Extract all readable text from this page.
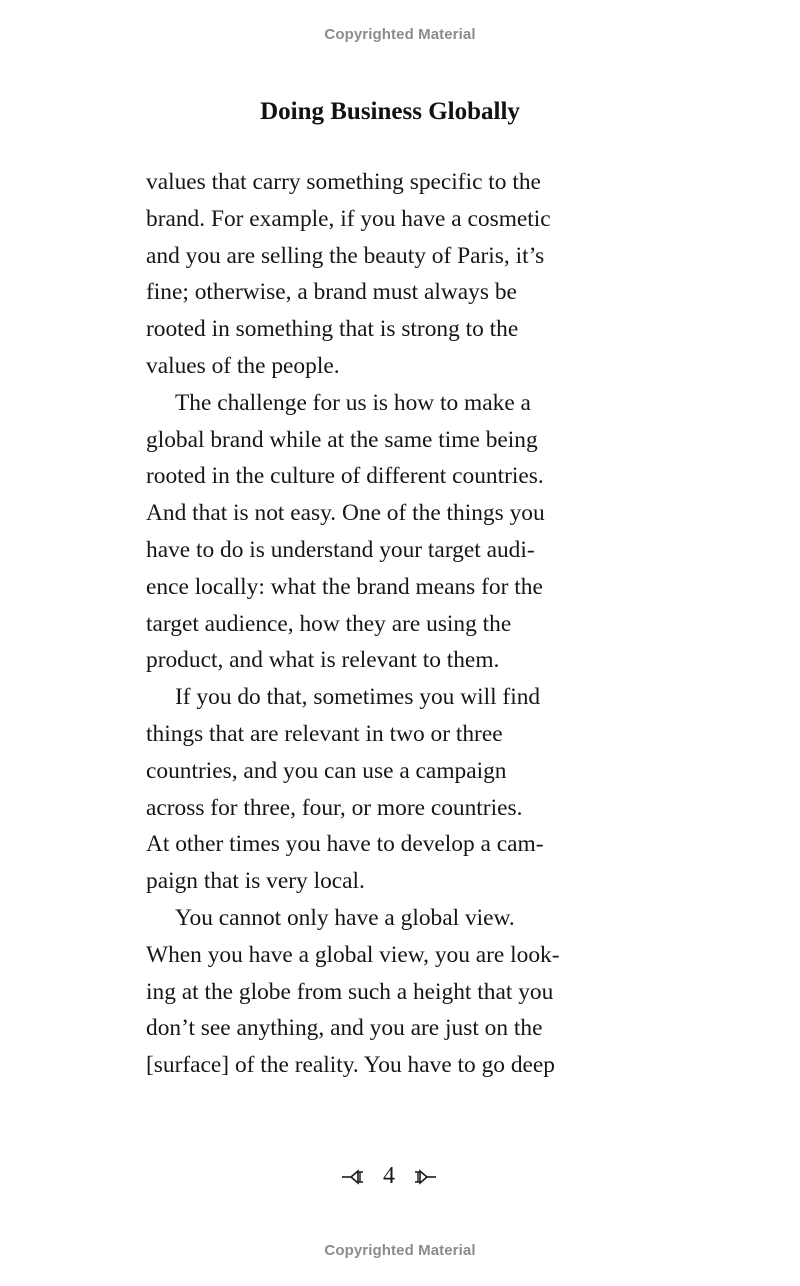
Copyrighted Material
Doing Business Globally
values that carry something specific to the
brand. For example, if you have a cosmetic
and you are selling the beauty of Paris, it’s
fine; otherwise, a brand must always be
rooted in something that is strong to the
values of the people.
The challenge for us is how to make a
global brand while at the same time being
rooted in the culture of different countries.
And that is not easy. One of the things you
have to do is understand your target audi-
ence locally: what the brand means for the
target audience, how they are using the
product, and what is relevant to them.
If you do that, sometimes you will find
things that are relevant in two or three
countries, and you can use a campaign
across for three, four, or more countries.
At other times you have to develop a cam-
paign that is very local.
You cannot only have a global view.
When you have a global view, you are look-
ing at the globe from such a height that you
don’t see anything, and you are just on the
[surface] of the reality. You have to go deep
4
Copyrighted Material
